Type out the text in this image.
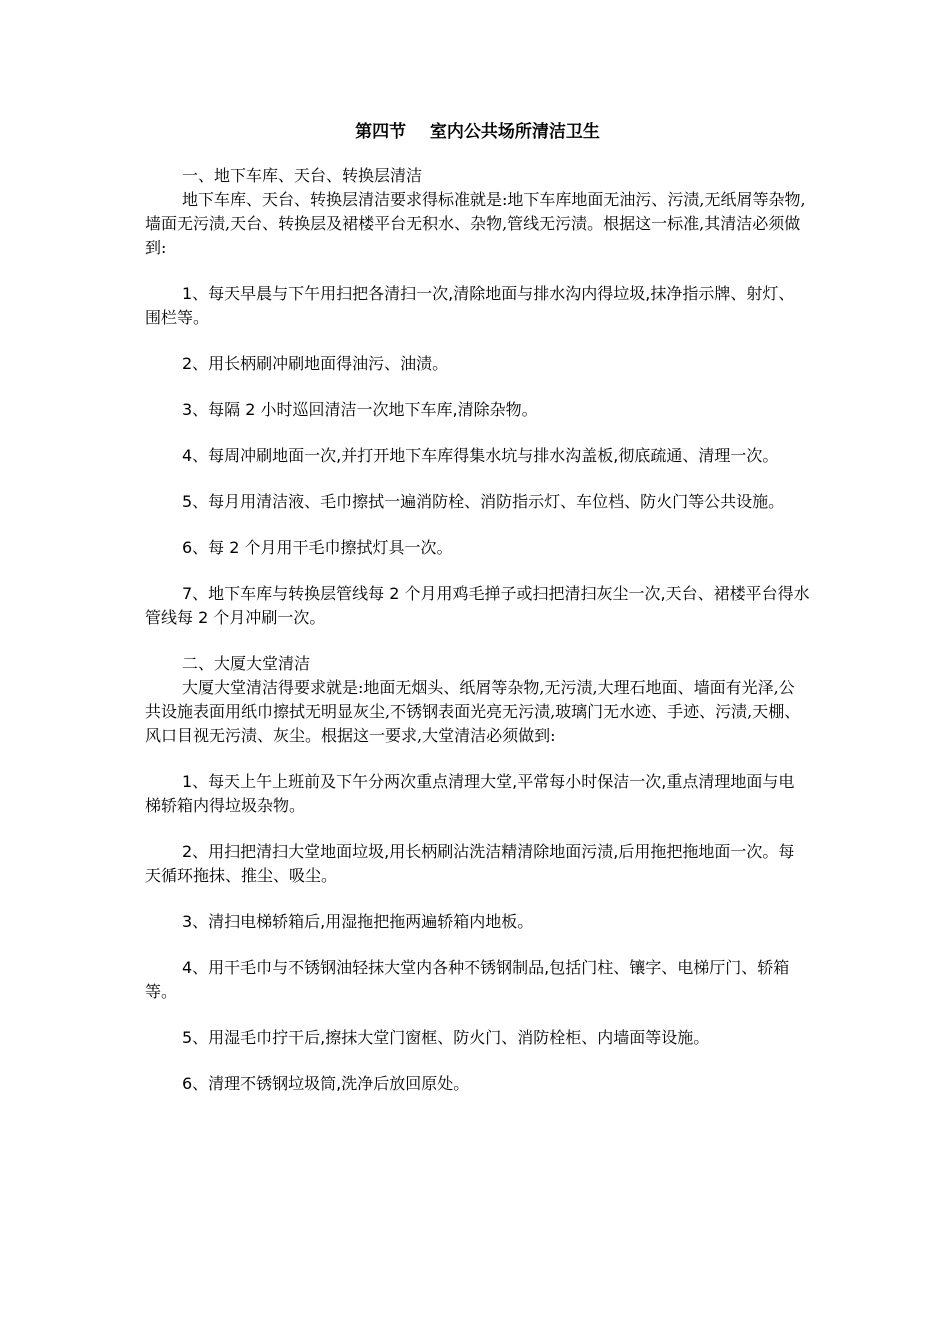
第四节    室内公共场所清洁卫生

一、地下车库、天台、转换层清洁

地下车库、天台、转换层清洁要求得标准就是:地下车库地面无油污、污渍,无纸屑等杂物,墙面无污渍,天台、转换层及裙楼平台无积水、杂物,管线无污渍。根据这一标准,其清洁必须做到:

1、每天早晨与下午用扫把各清扫一次,清除地面与排水沟内得垃圾,抹净指示牌、射灯、围栏等。

2、用长柄刷冲刷地面得油污、油渍。

3、每隔 2 小时巡回清洁一次地下车库,清除杂物。

4、每周冲刷地面一次,并打开地下车库得集水坑与排水沟盖板,彻底疏通、清理一次。

5、每月用清洁液、毛巾擦拭一遍消防栓、消防指示灯、车位档、防火门等公共设施。

6、每 2 个月用干毛巾擦拭灯具一次。

7、地下车库与转换层管线每 2 个月用鸡毛掸子或扫把清扫灰尘一次,天台、裙楼平台得水管线每 2 个月冲刷一次。

二、大厦大堂清洁

大厦大堂清洁得要求就是:地面无烟头、纸屑等杂物,无污渍,大理石地面、墙面有光泽,公共设施表面用纸巾擦拭无明显灰尘,不锈钢表面光亮无污渍,玻璃门无水迹、手迹、污渍,天棚、风口目视无污渍、灰尘。根据这一要求,大堂清洁必须做到:

1、每天上午上班前及下午分两次重点清理大堂,平常每小时保洁一次,重点清理地面与电梯轿箱内得垃圾杂物。

2、用扫把清扫大堂地面垃圾,用长柄刷沾洗洁精清除地面污渍,后用拖把拖地面一次。每天循环拖抹、推尘、吸尘。

3、清扫电梯轿箱后,用湿拖把拖两遍轿箱内地板。

4、用干毛巾与不锈钢油轻抹大堂内各种不锈钢制品,包括门柱、镶字、电梯厅门、轿箱等。

5、用湿毛巾拧干后,擦抹大堂门窗框、防火门、消防栓柜、内墙面等设施。

6、清理不锈钢垃圾筒,洗净后放回原处。
